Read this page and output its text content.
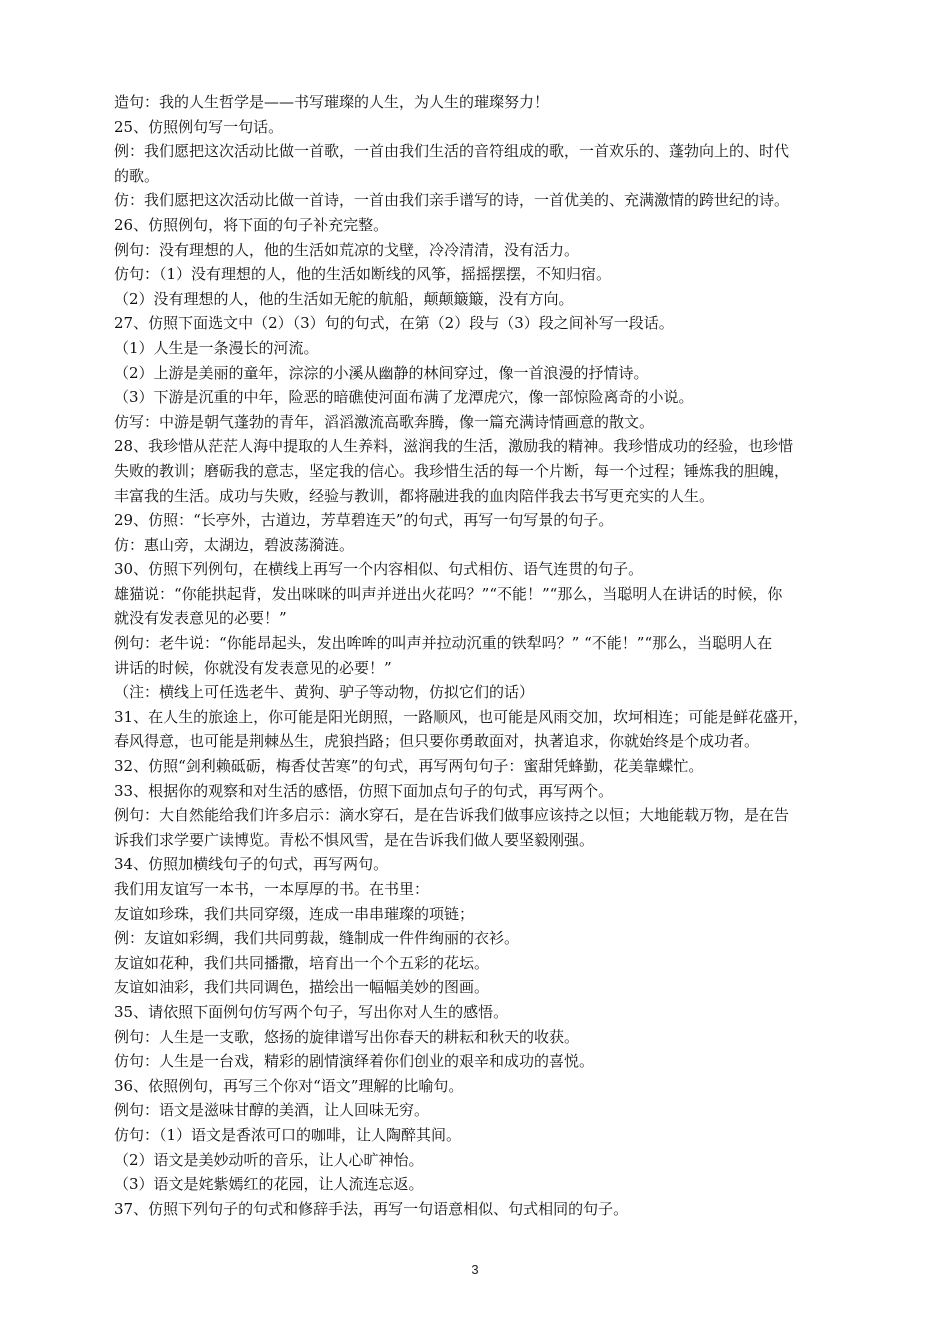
造句：我的人生哲学是——书写璀璨的人生，为人生的璀璨努力！
25、仿照例句写一句话。
例：我们愿把这次活动比做一首歌，一首由我们生活的音符组成的歌，一首欢乐的、蓬勃向上的、时代
的歌。
仿：我们愿把这次活动比做一首诗，一首由我们亲手谱写的诗，一首优美的、充满激情的跨世纪的诗。
26、仿照例句，将下面的句子补充完整。
例句：没有理想的人，他的生活如荒凉的戈壁，冷冷清清，没有活力。
仿句：（1）没有理想的人，他的生活如断线的风筝，摇摇摆摆，不知归宿。
（2）没有理想的人，他的生活如无舵的航船，颠颠簸簸，没有方向。
27、仿照下面选文中（2）（3）句的句式，在第（2）段与（3）段之间补写一段话。
（1）人生是一条漫长的河流。
（2）上游是美丽的童年，淙淙的小溪从幽静的林间穿过，像一首浪漫的抒情诗。
（3）下游是沉重的中年，险恶的暗礁使河面布满了龙潭虎穴，像一部惊险离奇的小说。
仿写：中游是朝气蓬勃的青年，滔滔激流高歌奔腾，像一篇充满诗情画意的散文。
28、我珍惜从茫茫人海中提取的人生养料，滋润我的生活，激励我的精神。我珍惜成功的经验，也珍惜
失败的教训；磨砺我的意志，坚定我的信心。我珍惜生活的每一个片断，每一个过程；锤炼我的胆魄，
丰富我的生活。成功与失败，经验与教训，都将融进我的血肉陪伴我去书写更充实的人生。
29、仿照：“长亭外，古道边，芳草碧连天”的句式，再写一句写景的句子。
仿：惠山旁，太湖边，碧波荡漪涟。
30、仿照下列例句，在横线上再写一个内容相似、句式相仿、语气连贯的句子。
雄猫说：“你能拱起背，发出咪咪的叫声并迸出火花吗？”“不能！”“那么，当聪明人在讲话的时候，你
就没有发表意见的必要！”
例句：老牛说：“你能昂起头，发出哞哞的叫声并拉动沉重的铁犁吗？” “不能！”“那么，当聪明人在
讲话的时候，你就没有发表意见的必要！”
（注：横线上可任选老牛、黄狗、驴子等动物，仿拟它们的话）
31、在人生的旅途上，你可能是阳光朗照，一路顺风，也可能是风雨交加，坎坷相连；可能是鲜花盛开，
春风得意，也可能是荆棘丛生，虎狼挡路；但只要你勇敢面对，执著追求，你就始终是个成功者。
32、仿照“剑利赖砥砺，梅香仗苦寒”的句式，再写两句句子：蜜甜凭蜂勤，花美靠蝶忙。
33、根据你的观察和对生活的感悟，仿照下面加点句子的句式，再写两个。
例句：大自然能给我们许多启示：滴水穿石，是在告诉我们做事应该持之以恒；大地能载万物，是在告
诉我们求学要广读博览。青松不惧风雪，是在告诉我们做人要坚毅刚强。
34、仿照加横线句子的句式，再写两句。
我们用友谊写一本书，一本厚厚的书。在书里：
友谊如珍珠，我们共同穿缀，连成一串串璀璨的项链；
例：友谊如彩绸，我们共同剪裁，缝制成一件件绚丽的衣衫。
友谊如花种，我们共同播撒，培育出一个个五彩的花坛。
友谊如油彩，我们共同调色，描绘出一幅幅美妙的图画。
35、请依照下面例句仿写两个句子，写出你对人生的感悟。
例句：人生是一支歌，悠扬的旋律谱写出你春天的耕耘和秋天的收获。
仿句：人生是一台戏，精彩的剧情演绎着你们创业的艰辛和成功的喜悦。
36、依照例句，再写三个你对“语文”理解的比喻句。
例句：语文是滋味甘醇的美酒，让人回味无穷。
仿句：（1）语文是香浓可口的咖啡，让人陶醉其间。
（2）语文是美妙动听的音乐，让人心旷神怡。
（3）语文是姹紫嫣红的花园，让人流连忘返。
37、仿照下列句子的句式和修辞手法，再写一句语意相似、句式相同的句子。
3
